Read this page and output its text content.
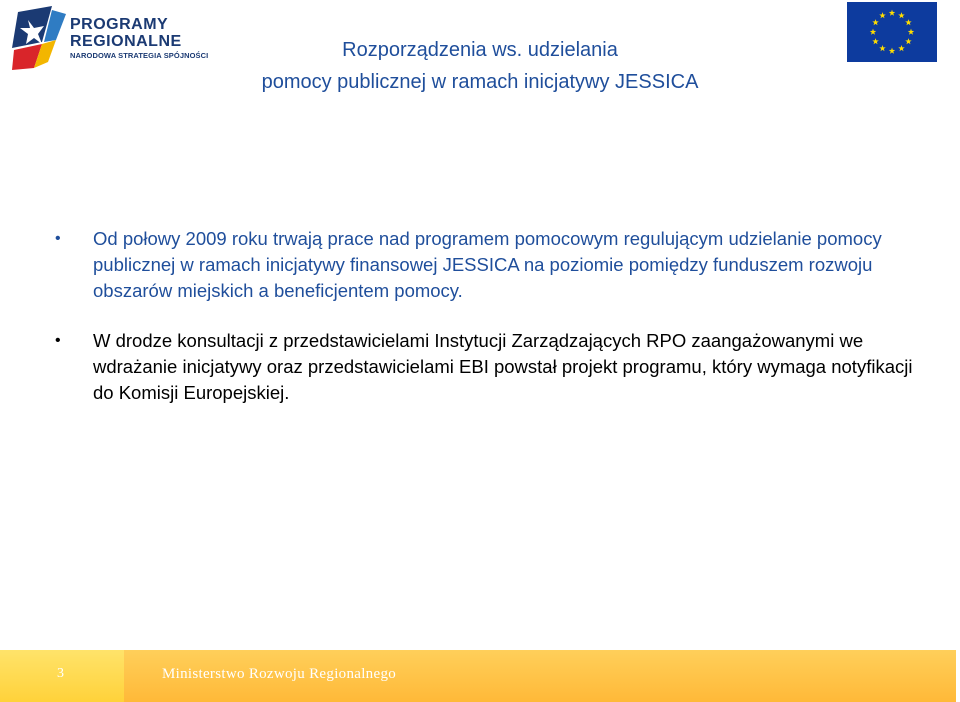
PROGRAMY
REGIONALNE
NARODOWA STRATEGIA SPÓJNOŚCI	Rozporządzenia ws. udzielania
pomocy publicznej w ramach inicjatywy JESSICA
• Od połowy 2009 roku trwają prace nad programem pomocowym regulującym udzielanie pomocy publicznej w ramach inicjatywy finansowej JESSICA na poziomie pomiędzy funduszem rozwoju obszarów miejskich a beneficjentem pomocy.
• W drodze konsultacji z przedstawicielami Instytucji Zarządzających RPO zaangażowanymi we wdrażanie inicjatywy oraz przedstawicielami EBI powstał projekt programu, który wymaga notyfikacji do Komisji Europejskiej.
3	Ministerstwo Rozwoju Regionalnego
